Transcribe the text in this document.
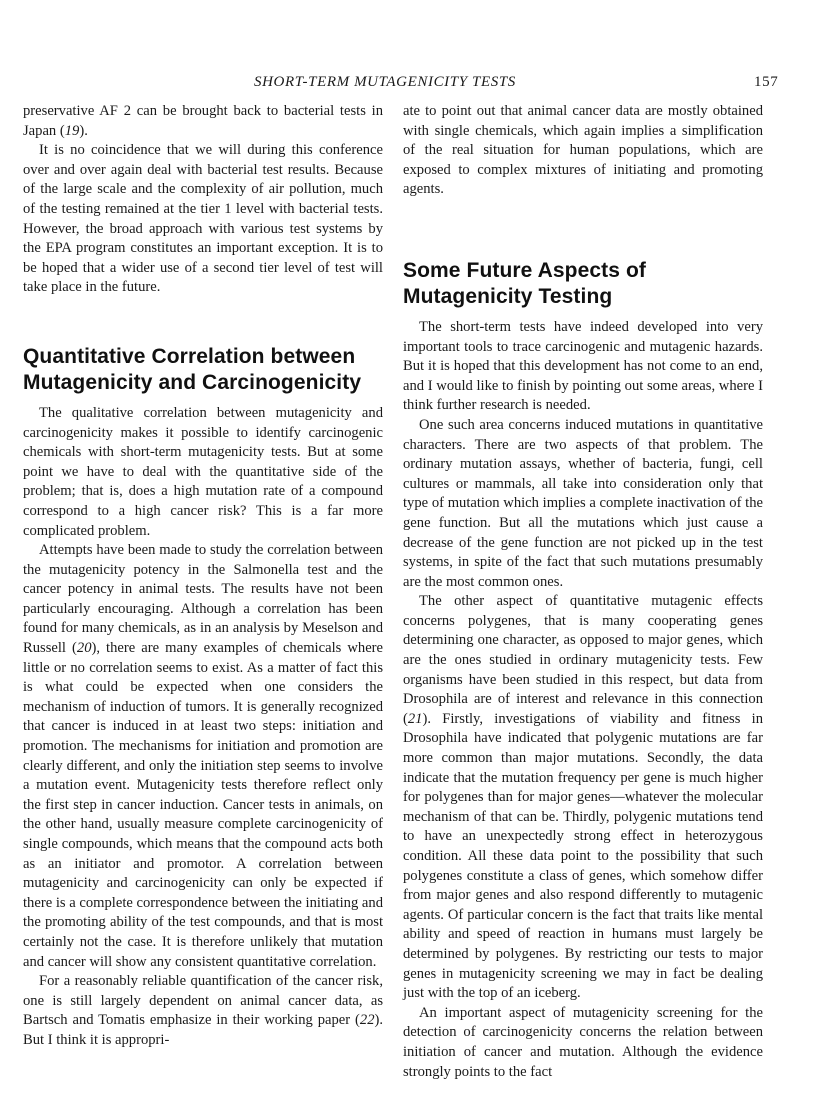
SHORT-TERM MUTAGENICITY TESTS	157

preservative AF 2 can be brought back to bacterial tests in Japan (19).

It is no coincidence that we will during this conference over and over again deal with bacterial test results. Because of the large scale and the complexity of air pollution, much of the testing remained at the tier 1 level with bacterial tests. However, the broad approach with various test systems by the EPA program constitutes an important exception. It is to be hoped that a wider use of a second tier level of test will take place in the future.

Quantitative Correlation between Mutagenicity and Carcinogenicity

The qualitative correlation between mutagenicity and carcinogenicity makes it possible to identify carcinogenic chemicals with short-term mutagenicity tests. But at some point we have to deal with the quantitative side of the problem; that is, does a high mutation rate of a compound correspond to a high cancer risk? This is a far more complicated problem.

Attempts have been made to study the correlation between the mutagenicity potency in the Salmonella test and the cancer potency in animal tests. The results have not been particularly encouraging. Although a correlation has been found for many chemicals, as in an analysis by Meselson and Russell (20), there are many examples of chemicals where little or no correlation seems to exist. As a matter of fact this is what could be expected when one considers the mechanism of induction of tumors. It is generally recognized that cancer is induced in at least two steps: initiation and promotion. The mechanisms for initiation and promotion are clearly different, and only the initiation step seems to involve a mutation event. Mutagenicity tests therefore reflect only the first step in cancer induction. Cancer tests in animals, on the other hand, usually measure complete carcinogenicity of single compounds, which means that the compound acts both as an initiator and promotor. A correlation between mutagenicity and carcinogenicity can only be expected if there is a complete correspondence between the initiating and the promoting ability of the test compounds, and that is most certainly not the case. It is therefore unlikely that mutation and cancer will show any consistent quantitative correlation.

For a reasonably reliable quantification of the cancer risk, one is still largely dependent on animal cancer data, as Bartsch and Tomatis emphasize in their working paper (22). But I think it is appropri-

ate to point out that animal cancer data are mostly obtained with single chemicals, which again implies a simplification of the real situation for human populations, which are exposed to complex mixtures of initiating and promoting agents.

Some Future Aspects of Mutagenicity Testing

The short-term tests have indeed developed into very important tools to trace carcinogenic and mutagenic hazards. But it is hoped that this development has not come to an end, and I would like to finish by pointing out some areas, where I think further research is needed.

One such area concerns induced mutations in quantitative characters. There are two aspects of that problem. The ordinary mutation assays, whether of bacteria, fungi, cell cultures or mammals, all take into consideration only that type of mutation which implies a complete inactivation of the gene function. But all the mutations which just cause a decrease of the gene function are not picked up in the test systems, in spite of the fact that such mutations presumably are the most common ones.

The other aspect of quantitative mutagenic effects concerns polygenes, that is many cooperating genes determining one character, as opposed to major genes, which are the ones studied in ordinary mutagenicity tests. Few organisms have been studied in this respect, but data from Drosophila are of interest and relevance in this connection (21). Firstly, investigations of viability and fitness in Drosophila have indicated that polygenic mutations are far more common than major mutations. Secondly, the data indicate that the mutation frequency per gene is much higher for polygenes than for major genes—whatever the molecular mechanism of that can be. Thirdly, polygenic mutations tend to have an unexpectedly strong effect in heterozygous condition. All these data point to the possibility that such polygenes constitute a class of genes, which somehow differ from major genes and also respond differently to mutagenic agents. Of particular concern is the fact that traits like mental ability and speed of reaction in humans must largely be determined by polygenes. By restricting our tests to major genes in mutagenicity screening we may in fact be dealing just with the top of an iceberg.

An important aspect of mutagenicity screening for the detection of carcinogenicity concerns the relation between initiation of cancer and mutation. Although the evidence strongly points to the fact
